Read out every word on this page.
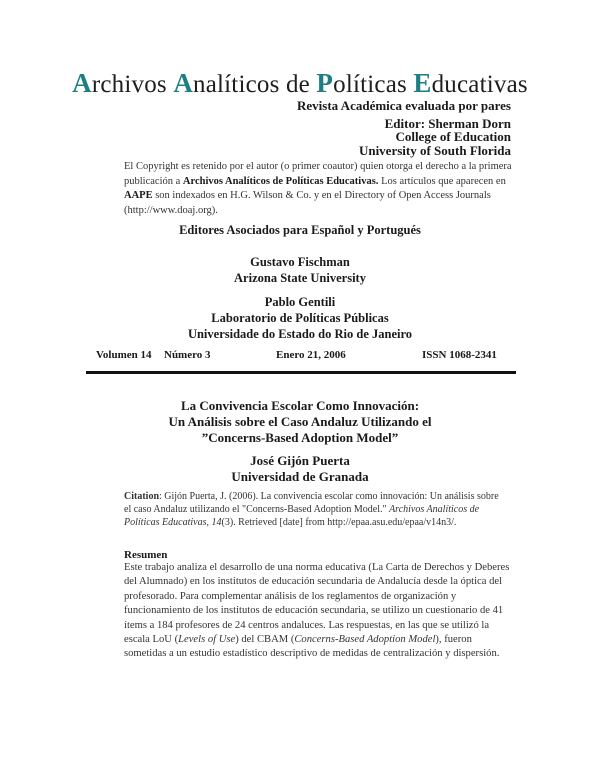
Archivos Analíticos de Políticas Educativas
Revista Académica evaluada por pares
Editor: Sherman Dorn
College of Education
University of South Florida
El Copyright es retenido por el autor (o primer coautor) quien otorga el derecho a la primera publicación a Archivos Analíticos de Políticas Educativas. Los artículos que aparecen en AAPE son indexados en H.G. Wilson & Co. y en el Directory of Open Access Journals (http://www.doaj.org).
Editores Asociados para Español y Portugués
Gustavo Fischman
Arizona State University
Pablo Gentili
Laboratorio de Políticas Públicas
Universidade do Estado do Rio de Janeiro
Volumen 14 Número 3	Enero 21, 2006	ISSN 1068-2341
La Convivencia Escolar Como Innovación:
Un Análisis sobre el Caso Andaluz Utilizando el
”Concerns-Based Adoption Model”
José Gijón Puerta
Universidad de Granada
Citation: Gijón Puerta, J. (2006). La convivencia escolar como innovación: Un análisis sobre el caso Andaluz utilizando el "Concerns-Based Adoption Model." Archivos Analíticos de Políticas Educativas, 14(3). Retrieved [date] from http://epaa.asu.edu/epaa/v14n3/.
Resumen
Este trabajo analiza el desarrollo de una norma educativa (La Carta de Derechos y Deberes del Alumnado) en los institutos de educación secundaria de Andalucía desde la óptica del profesorado. Para complementar análisis de los reglamentos de organización y funcionamiento de los institutos de educación secundaria, se utilizo un cuestionario de 41 ítems a 184 profesores de 24 centros andaluces. Las respuestas, en las que se utilizó la escala LoU (Levels of Use) del CBAM (Concerns-Based Adoption Model), fueron sometidas a un estudio estadístico descriptivo de medidas de centralización y dispersión.
